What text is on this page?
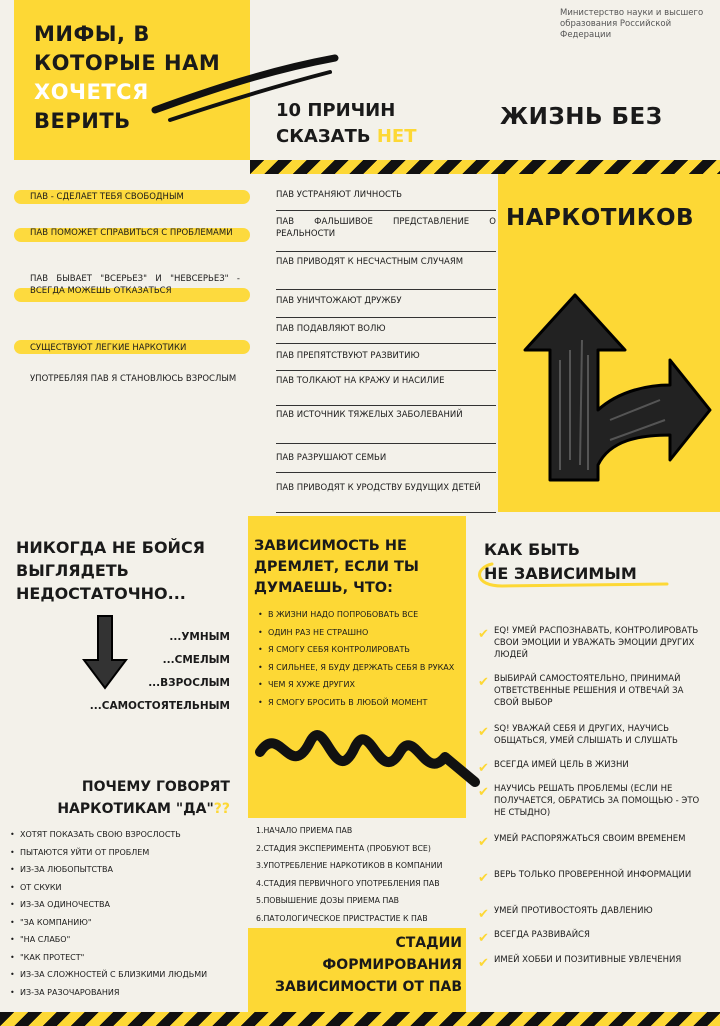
МИФЫ, В
КОТОРЫЕ НАМ
ХОЧЕТСЯ
ВЕРИТЬ
Министерство науки и высшего образования Российской Федерации
10 ПРИЧИН
СКАЗАТЬ НЕТ
ЖИЗНЬ БЕЗ
НАРКОТИКОВ
ПАВ - СДЕЛАЕТ ТЕБЯ СВОБОДНЫМ
ПАВ ПОМОЖЕТ СПРАВИТЬСЯ С ПРОБЛЕМАМИ
ПАВ БЫВАЕТ "ВСЕРЬЕЗ" И "НЕВСЕРЬЕЗ" - ВСЕГДА МОЖЕШЬ ОТКАЗАТЬСЯ
СУЩЕСТВУЮТ ЛЕГКИЕ НАРКОТИКИ
УПОТРЕБЛЯЯ ПАВ Я СТАНОВЛЮСЬ ВЗРОСЛЫМ
ПАВ УСТРАНЯЮТ ЛИЧНОСТЬ
ПАВ ФАЛЬШИВОЕ ПРЕДСТАВЛЕНИЕ О РЕАЛЬНОСТИ
ПАВ ПРИВОДЯТ К НЕСЧАСТНЫМ СЛУЧАЯМ
ПАВ УНИЧТОЖАЮТ ДРУЖБУ
ПАВ ПОДАВЛЯЮТ ВОЛЮ
ПАВ ПРЕПЯТСТВУЮТ РАЗВИТИЮ
ПАВ ТОЛКАЮТ НА КРАЖУ И НАСИЛИЕ
ПАВ ИСТОЧНИК ТЯЖЕЛЫХ ЗАБОЛЕВАНИЙ
ПАВ РАЗРУШАЮТ СЕМЬИ
ПАВ ПРИВОДЯТ К УРОДСТВУ БУДУЩИХ ДЕТЕЙ
НИКОГДА НЕ БОЙСЯ
ВЫГЛЯДЕТЬ
НЕДОСТАТОЧНО...
...УМНЫМ
...СМЕЛЫМ
...ВЗРОСЛЫМ
...САМОСТОЯТЕЛЬНЫМ
ПОЧЕМУ ГОВОРЯТ
НАРКОТИКАМ "ДА"??
• ХОТЯТ ПОКАЗАТЬ СВОЮ ВЗРОСЛОСТЬ
• ПЫТАЮТСЯ УЙТИ ОТ ПРОБЛЕМ
• ИЗ-ЗА ЛЮБОПЫТСТВА
• ОТ СКУКИ
• ИЗ-ЗА ОДИНОЧЕСТВА
• "ЗА КОМПАНИЮ"
• "НА СЛАБО"
• "КАК ПРОТЕСТ"
• ИЗ-ЗА СЛОЖНОСТЕЙ С БЛИЗКИМИ ЛЮДЬМИ
• ИЗ-ЗА РАЗОЧАРОВАНИЯ
ЗАВИСИМОСТЬ НЕ
ДРЕМЛЕТ, ЕСЛИ ТЫ
ДУМАЕШЬ, ЧТО:
• В ЖИЗНИ НАДО ПОПРОБОВАТЬ ВСЕ
• ОДИН РАЗ НЕ СТРАШНО
• Я СМОГУ СЕБЯ КОНТРОЛИРОВАТЬ
• Я СИЛЬНЕЕ, Я БУДУ ДЕРЖАТЬ СЕБЯ В РУКАХ
• ЧЕМ Я ХУЖЕ ДРУГИХ
• Я СМОГУ БРОСИТЬ В ЛЮБОЙ МОМЕНТ
1.НАЧАЛО ПРИЕМА ПАВ
2.СТАДИЯ ЭКСПЕРИМЕНТА (ПРОБУЮТ ВСЕ)
3.УПОТРЕБЛЕНИЕ НАРКОТИКОВ В КОМПАНИИ
4.СТАДИЯ ПЕРВИЧНОГО УПОТРЕБЛЕНИЯ ПАВ
5.ПОВЫШЕНИЕ ДОЗЫ ПРИЕМА ПАВ
6.ПАТОЛОГИЧЕСКОЕ ПРИСТРАСТИЕ К ПАВ
СТАДИИ
ФОРМИРОВАНИЯ
ЗАВИСИМОСТИ ОТ ПАВ
КАК БЫТЬ
НЕ ЗАВИСИМЫМ
✔ EQ! УМЕЙ РАСПОЗНАВАТЬ, КОНТРОЛИРОВАТЬ СВОИ ЭМОЦИИ И УВАЖАТЬ ЭМОЦИИ ДРУГИХ ЛЮДЕЙ
✔ ВЫБИРАЙ САМОСТОЯТЕЛЬНО, ПРИНИМАЙ ОТВЕТСТВЕННЫЕ РЕШЕНИЯ И ОТВЕЧАЙ ЗА СВОЙ ВЫБОР
✔ SQ! УВАЖАЙ СЕБЯ И ДРУГИХ, НАУЧИСЬ ОБЩАТЬСЯ, УМЕЙ СЛЫШАТЬ И СЛУШАТЬ
✔ ВСЕГДА ИМЕЙ ЦЕЛЬ В ЖИЗНИ
✔ НАУЧИСЬ РЕШАТЬ ПРОБЛЕМЫ (ЕСЛИ НЕ ПОЛУЧАЕТСЯ, ОБРАТИСЬ ЗА ПОМОЩЬЮ - ЭТО НЕ СТЫДНО)
✔ УМЕЙ РАСПОРЯЖАТЬСЯ СВОИМ ВРЕМЕНЕМ
✔ ВЕРЬ ТОЛЬКО ПРОВЕРЕННОЙ ИНФОРМАЦИИ
✔ УМЕЙ ПРОТИВОСТОЯТЬ ДАВЛЕНИЮ
✔ ВСЕГДА РАЗВИВАЙСЯ
✔ ИМЕЙ ХОББИ И ПОЗИТИВНЫЕ УВЛЕЧЕНИЯ
